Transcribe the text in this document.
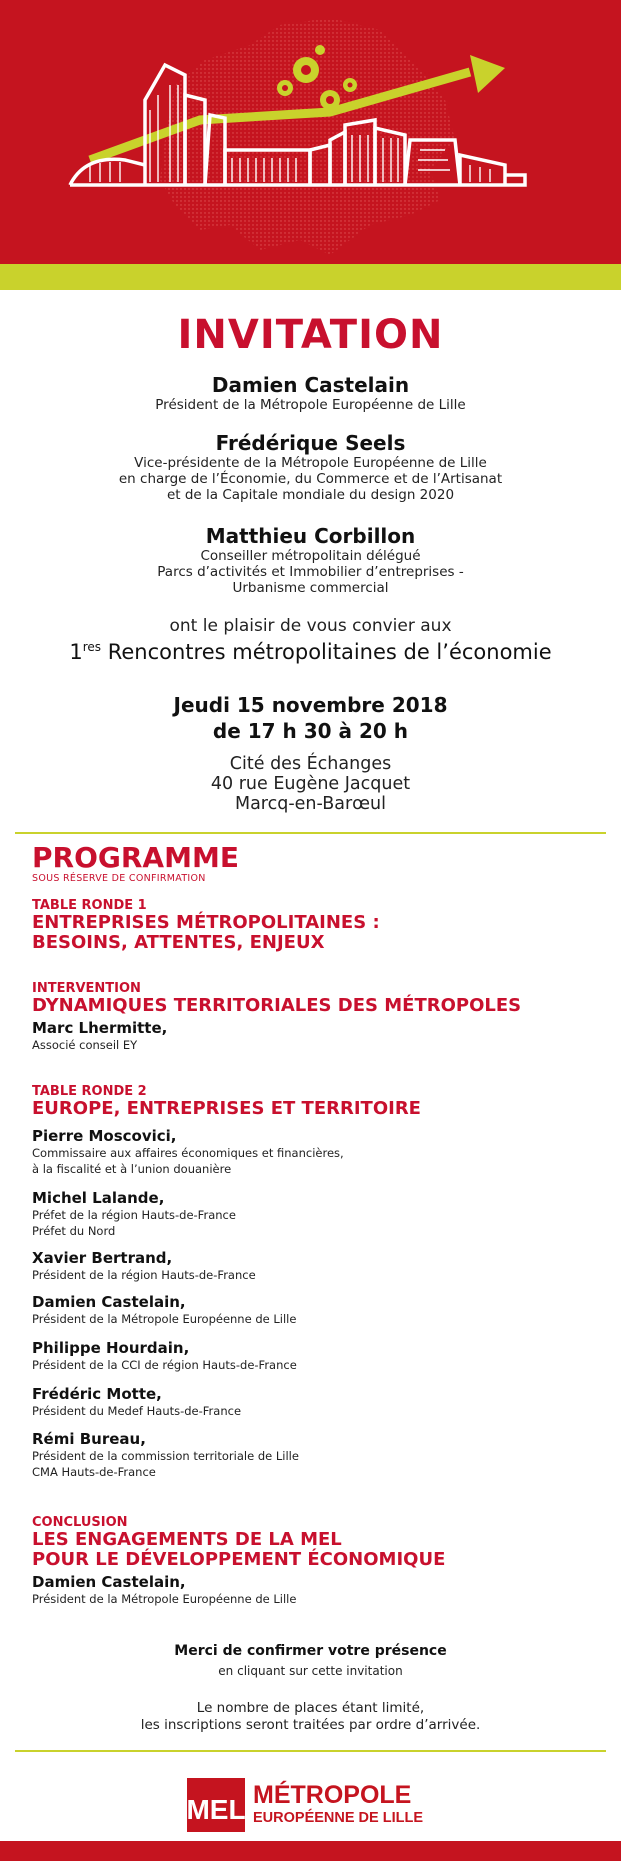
INVITATION
Damien Castelain
Président de la Métropole Européenne de Lille
Frédérique Seels
Vice-présidente de la Métropole Européenne de Lille
en charge de l’Économie, du Commerce et de l’Artisanat
et de la Capitale mondiale du design 2020
Matthieu Corbillon
Conseiller métropolitain délégué
Parcs d’activités et Immobilier d’entreprises -
Urbanisme commercial
ont le plaisir de vous convier aux
1res Rencontres métropolitaines de l’économie
Jeudi 15 novembre 2018
de 17 h 30 à 20 h
Cité des Échanges
40 rue Eugène Jacquet
Marcq-en-Barœul
PROGRAMME
SOUS RÉSERVE DE CONFIRMATION
TABLE RONDE 1
ENTREPRISES MÉTROPOLITAINES :
BESOINS, ATTENTES, ENJEUX
INTERVENTION
DYNAMIQUES TERRITORIALES DES MÉTROPOLES
Marc Lhermitte,
Associé conseil EY
TABLE RONDE 2
EUROPE, ENTREPRISES ET TERRITOIRE
Pierre Moscovici,
Commissaire aux affaires économiques et financières,
à la fiscalité et à l’union douanière
Michel Lalande,
Préfet de la région Hauts-de-France
Préfet du Nord
Xavier Bertrand,
Président de la région Hauts-de-France
Damien Castelain,
Président de la Métropole Européenne de Lille
Philippe Hourdain,
Président de la CCI de région Hauts-de-France
Frédéric Motte,
Président du Medef Hauts-de-France
Rémi Bureau,
Président de la commission territoriale de Lille
CMA Hauts-de-France
CONCLUSION
LES ENGAGEMENTS DE LA MEL
POUR LE DÉVELOPPEMENT ÉCONOMIQUE
Damien Castelain,
Président de la Métropole Européenne de Lille
Merci de confirmer votre présence
en cliquant sur cette invitation
Le nombre de places étant limité,
les inscriptions seront traitées par ordre d’arrivée.
MEL MÉTROPOLE
EUROPÉENNE DE LILLE
